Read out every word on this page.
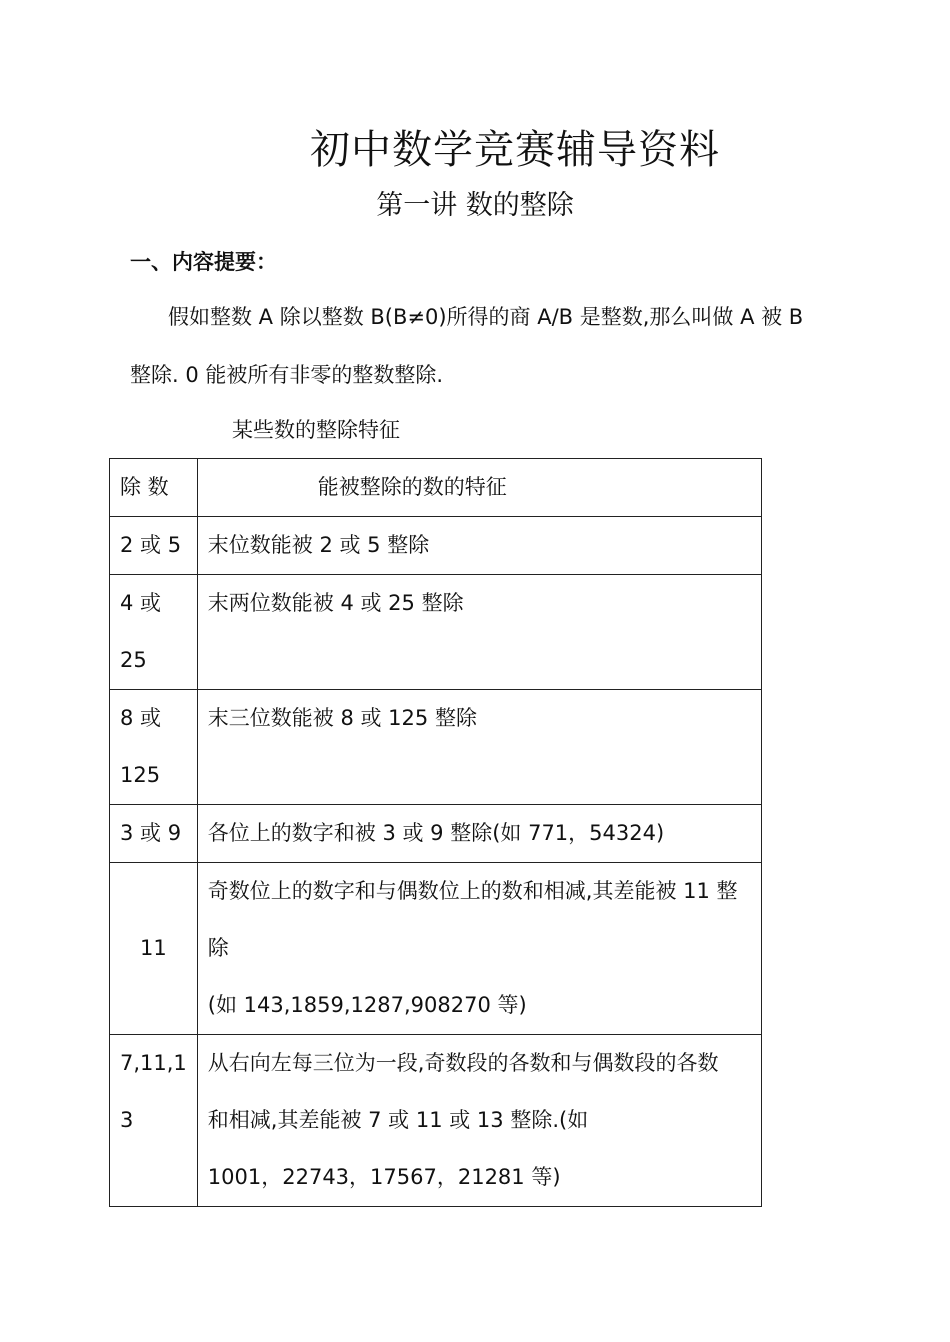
初中数学竞赛辅导资料
第一讲 数的整除
一、内容提要：
假如整数 A 除以整数 B(B≠0)所得的商 A/B 是整数,那么叫做 A 被 B
整除. 0 能被所有非零的整数整除.
某些数的整除特征
除 数	能被整除的数的特征

2 或 5	末位数能被 2 或 5 整除

4 或
25	末两位数能被 4 或 25 整除

8 或
125	末三位数能被 8 或 125 整除

3 或 9	各位上的数字和被 3 或 9 整除(如 771，54324)

11	奇数位上的数字和与偶数位上的数和相减,其差能被 11 整
除
(如 143,1859,1287,908270 等)

7,11,1
3	从右向左每三位为一段,奇数段的各数和与偶数段的各数
和相减,其差能被 7 或 11 或 13 整除.(如
1001，22743，17567，21281 等)
